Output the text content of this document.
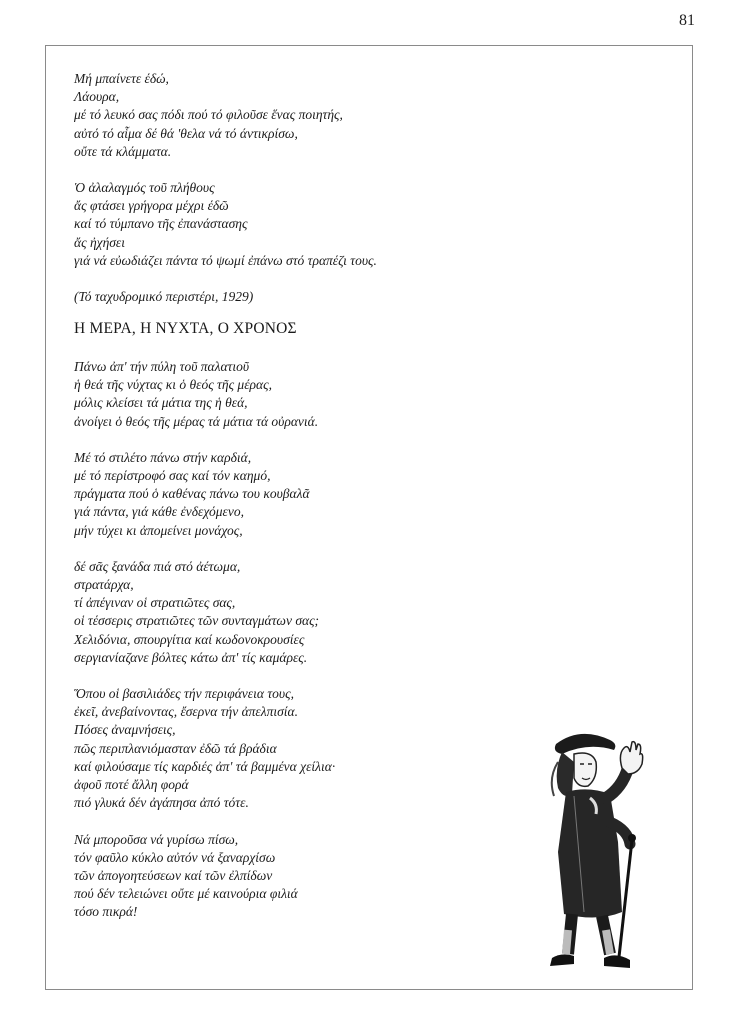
81
Μή μπαίνετε έδώ,
Λάουρα,
μέ τό λευκό σας πόδι πού τό φιλοῦσε ἕνας ποιητής,
αὐτό τό αἷμα δέ θά 'θελα νά τό άντικρίσω,
οὔτε τά κλάμματα.
Ὁ ἀλαλαγμός τοῦ πλήθους
ἄς φτάσει γρήγορα μέχρι έδῶ
καί τό τύμπανο τῆς ἐπανάστασης
ἄς ἠχήσει
γιά νά εὐωδιάζει πάντα τό ψωμί ἐπάνω στό τραπέζι τους.
(Τό ταχυδρομικό περιστέρι, 1929)
Η ΜΕΡΑ, Η ΝΥΧΤΑ, Ο ΧΡΟΝΟΣ
Πάνω ἀπ' τήν πύλη τοῦ παλατιοῦ
ἡ θεά τῆς νύχτας κι ὁ θεός τῆς μέρας,
μόλις κλείσει τά μάτια της ἡ θεά,
ἀνοίγει ὁ θεός τῆς μέρας τά μάτια τά οὐρανιά.
Μέ τό στιλέτο πάνω στήν καρδιά,
μέ τό περίστροφό σας καί τόν καημό,
πράγματα πού ὁ καθένας πάνω του κουβαλᾶ
γιά πάντα, γιά κάθε ἐνδεχόμενο,
μήν τύχει κι ἀπομείνει μονάχος,
δέ σᾶς ξανάδα πιά στό ἀέτωμα,
στρατάρχα,
τί ἀπέγιναν οἱ στρατιῶτες σας,
οἱ τέσσερις στρατιῶτες τῶν συνταγμάτων σας;
Χελιδόνια, σπουργίτια καί κωδονοκρουσίες
σεργιανίαζανε βόλτες κάτω ἀπ' τίς καμάρες.
Ὅπου οἱ βασιλιάδες τήν περιφάνεια τους,
ἐκεῖ, ἀνεβαίνοντας, ἔσερνα τήν ἀπελπισία.
Πόσες ἀναμνήσεις,
πῶς περιπλανιόμασταν ἐδῶ τά βράδια
καί φιλούσαμε τίς καρδιές ἀπ' τά βαμμένα χείλια·
ἀφοῦ ποτέ ἄλλη φορά
πιό γλυκά δέν ἀγάπησα ἀπό τότε.
Νά μποροῦσα νά γυρίσω πίσω,
τόν φαῦλο κύκλο αὐτόν νά ξαναρχίσω
τῶν ἀπογοητεύσεων καί τῶν ἐλπίδων
πού δέν τελειώνει οὔτε μέ καινούρια φιλιά
τόσο πικρά!
